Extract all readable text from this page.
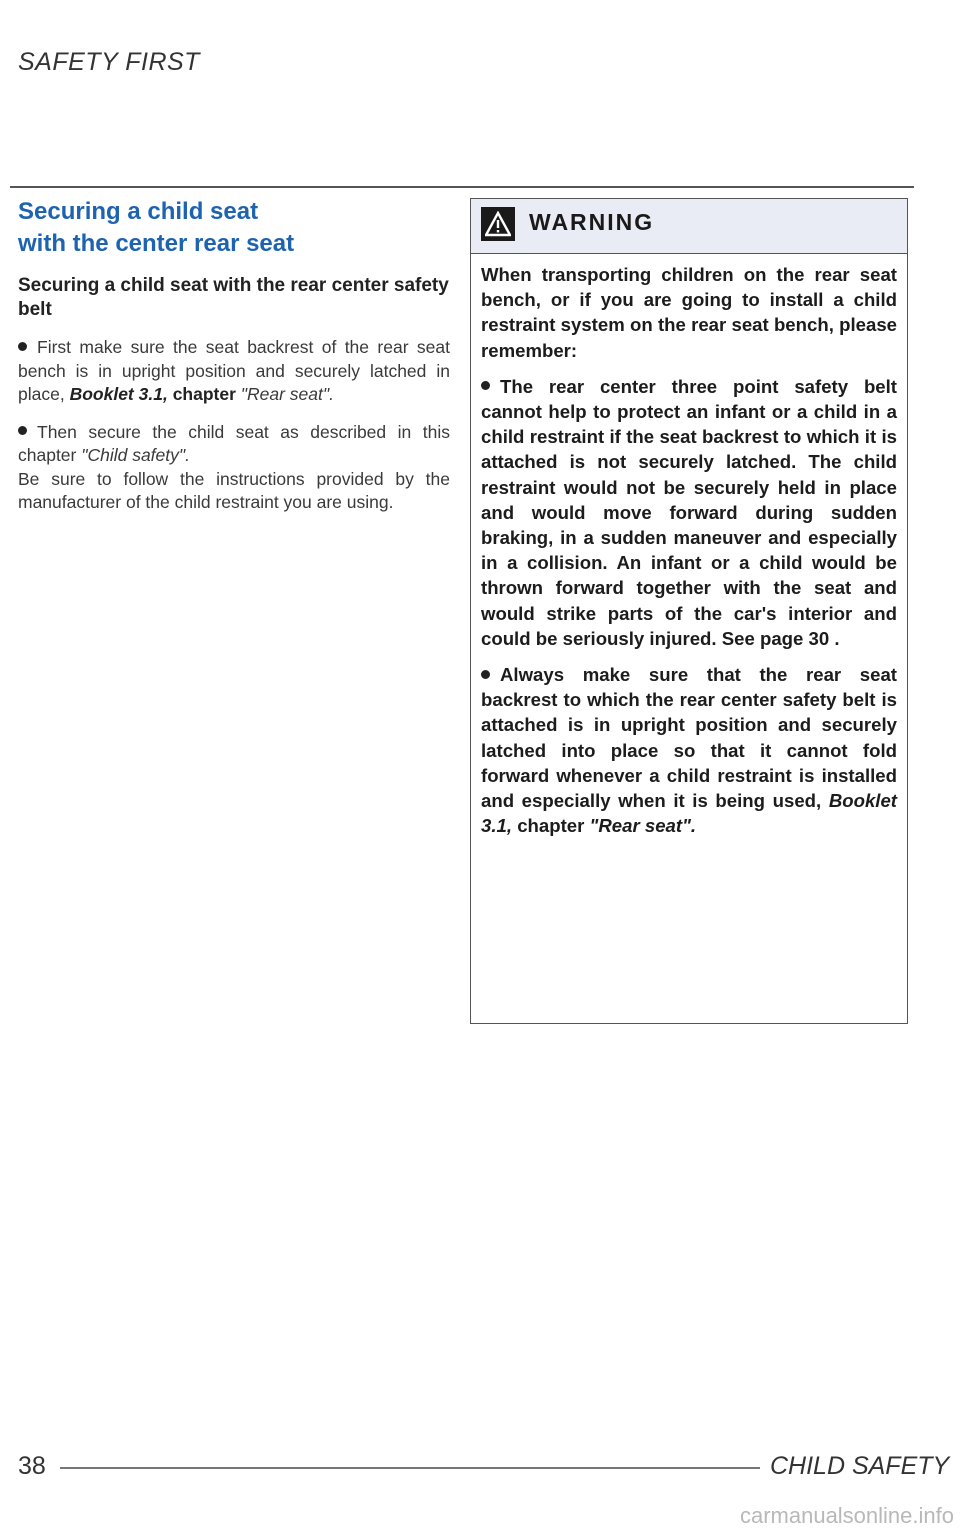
SAFETY FIRST
Securing a child seat
with the center rear seat
Securing a child seat with the rear center safety belt

First make sure the seat backrest of the rear seat bench is in upright position and securely latched in place, Booklet 3.1, chapter "Rear seat".

Then secure the child seat as described in this chapter "Child safety".
Be sure to follow the instructions provided by the manufacturer of the child restraint you are using.

WARNING

When transporting children on the rear seat bench, or if you are going to install a child restraint system on the rear seat bench, please remember:

The rear center three point safety belt cannot help to protect an infant or a child in a child restraint if the seat backrest to which it is attached is not securely latched. The child restraint would not be securely held in place and would move forward during sudden braking, in a sudden maneuver and especially in a collision. An infant or a child would be thrown forward together with the seat and would strike parts of the car's interior and could be seriously injured. See page 30 .

Always make sure that the rear seat backrest to which the rear center safety belt is attached is in upright position and securely latched into place so that it cannot fold forward whenever a child restraint is installed and especially when it is being used, Booklet 3.1, chapter "Rear seat".

38	CHILD SAFETY
carmanualsonline.info
